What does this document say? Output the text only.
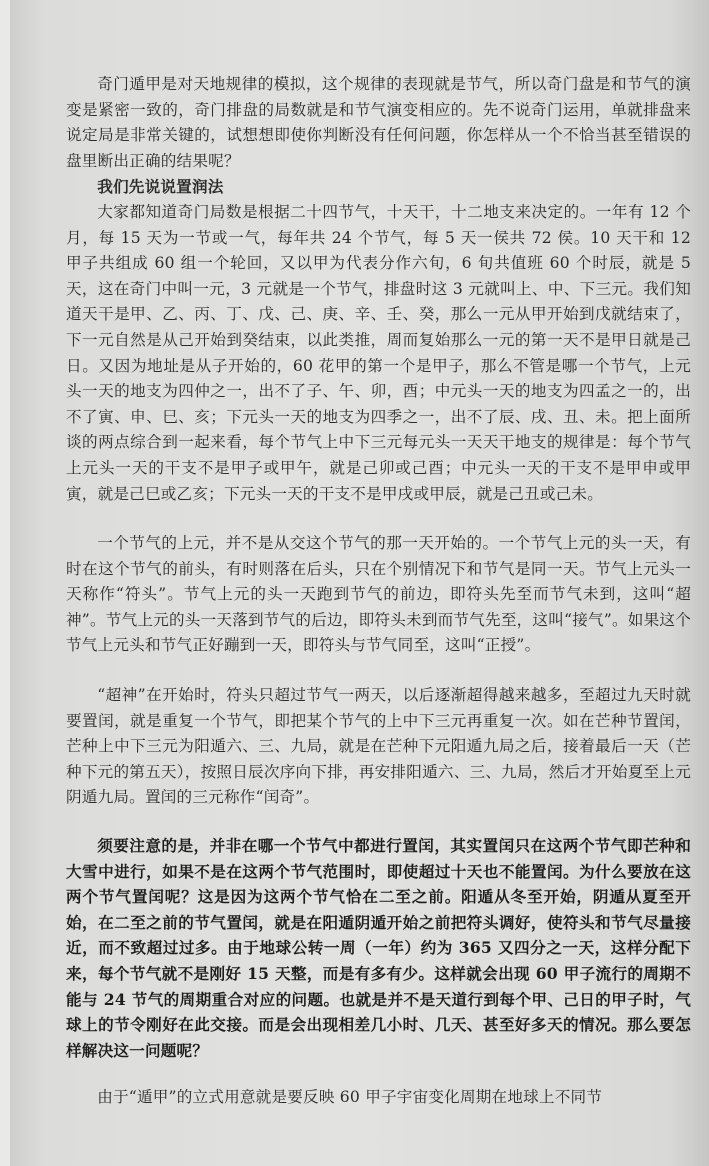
奇门遁甲是对天地规律的模拟，这个规律的表现就是节气，所以奇门盘是和节气的演变是紧密一致的，奇门排盘的局数就是和节气演变相应的。先不说奇门运用，单就排盘来说定局是非常关键的，试想想即使你判断没有任何问题，你怎样从一个不恰当甚至错误的盘里断出正确的结果呢？

我们先说说置润法

大家都知道奇门局数是根据二十四节气，十天干，十二地支来决定的。一年有 12 个月，每 15 天为一节或一气，每年共 24 个节气，每 5 天一侯共 72 侯。10 天干和 12 甲子共组成 60 组一个轮回，又以甲为代表分作六旬，6 旬共值班 60 个时辰，就是 5 天，这在奇门中叫一元，3 元就是一个节气，排盘时这 3 元就叫上、中、下三元。我们知道天干是甲、乙、丙、丁、戊、己、庚、辛、壬、癸，那么一元从甲开始到戊就结束了，下一元自然是从己开始到癸结束，以此类推，周而复始那么一元的第一天不是甲日就是己日。又因为地址是从子开始的，60 花甲的第一个是甲子，那么不管是哪一个节气，上元头一天的地支为四仲之一，出不了子、午、卯，酉；中元头一天的地支为四孟之一的，出不了寅、申、巳、亥；下元头一天的地支为四季之一，出不了辰、戌、丑、未。把上面所谈的两点综合到一起来看，每个节气上中下三元每元头一天天干地支的规律是：每个节气上元头一天的干支不是甲子或甲午，就是己卯或己酉；中元头一天的干支不是甲申或甲寅，就是己巳或乙亥；下元头一天的干支不是甲戌或甲辰，就是己丑或己未。

一个节气的上元，并不是从交这个节气的那一天开始的。一个节气上元的头一天，有时在这个节气的前头，有时则落在后头，只在个别情况下和节气是同一天。节气上元头一天称作“符头”。节气上元的头一天跑到节气的前边，即符头先至而节气未到，这叫“超神”。节气上元的头一天落到节气的后边，即符头未到而节气先至，这叫“接气”。如果这个节气上元头和节气正好蹦到一天，即符头与节气同至，这叫“正授”。

“超神”在开始时，符头只超过节气一两天，以后逐渐超得越来越多，至超过九天时就要置闰，就是重复一个节气，即把某个节气的上中下三元再重复一次。如在芒种节置闰，芒种上中下三元为阳遁六、三、九局，就是在芒种下元阳遁九局之后，接着最后一天（芒种下元的第五天），按照日辰次序向下排，再安排阳遁六、三、九局，然后才开始夏至上元阴遁九局。置闰的三元称作“闰奇”。

须要注意的是，并非在哪一个节气中都进行置闰，其实置闰只在这两个节气即芒种和大雪中进行，如果不是在这两个节气范围时，即使超过十天也不能置闰。为什么要放在这两个节气置闰呢？这是因为这两个节气恰在二至之前。阳遁从冬至开始，阴遁从夏至开始，在二至之前的节气置闰，就是在阳遁阴遁开始之前把符头调好，使符头和节气尽量接近，而不致超过过多。由于地球公转一周（一年）约为 365 又四分之一天，这样分配下来，每个节气就不是刚好 15 天整，而是有多有少。这样就会出现 60 甲子流行的周期不能与 24 节气的周期重合对应的问题。也就是并不是天道行到每个甲、己日的甲子时，气球上的节令刚好在此交接。而是会出现相差几小时、几天、甚至好多天的情况。那么要怎样解决这一问题呢？

由于“遁甲”的立式用意就是要反映 60 甲子宇宙变化周期在地球上不同节
